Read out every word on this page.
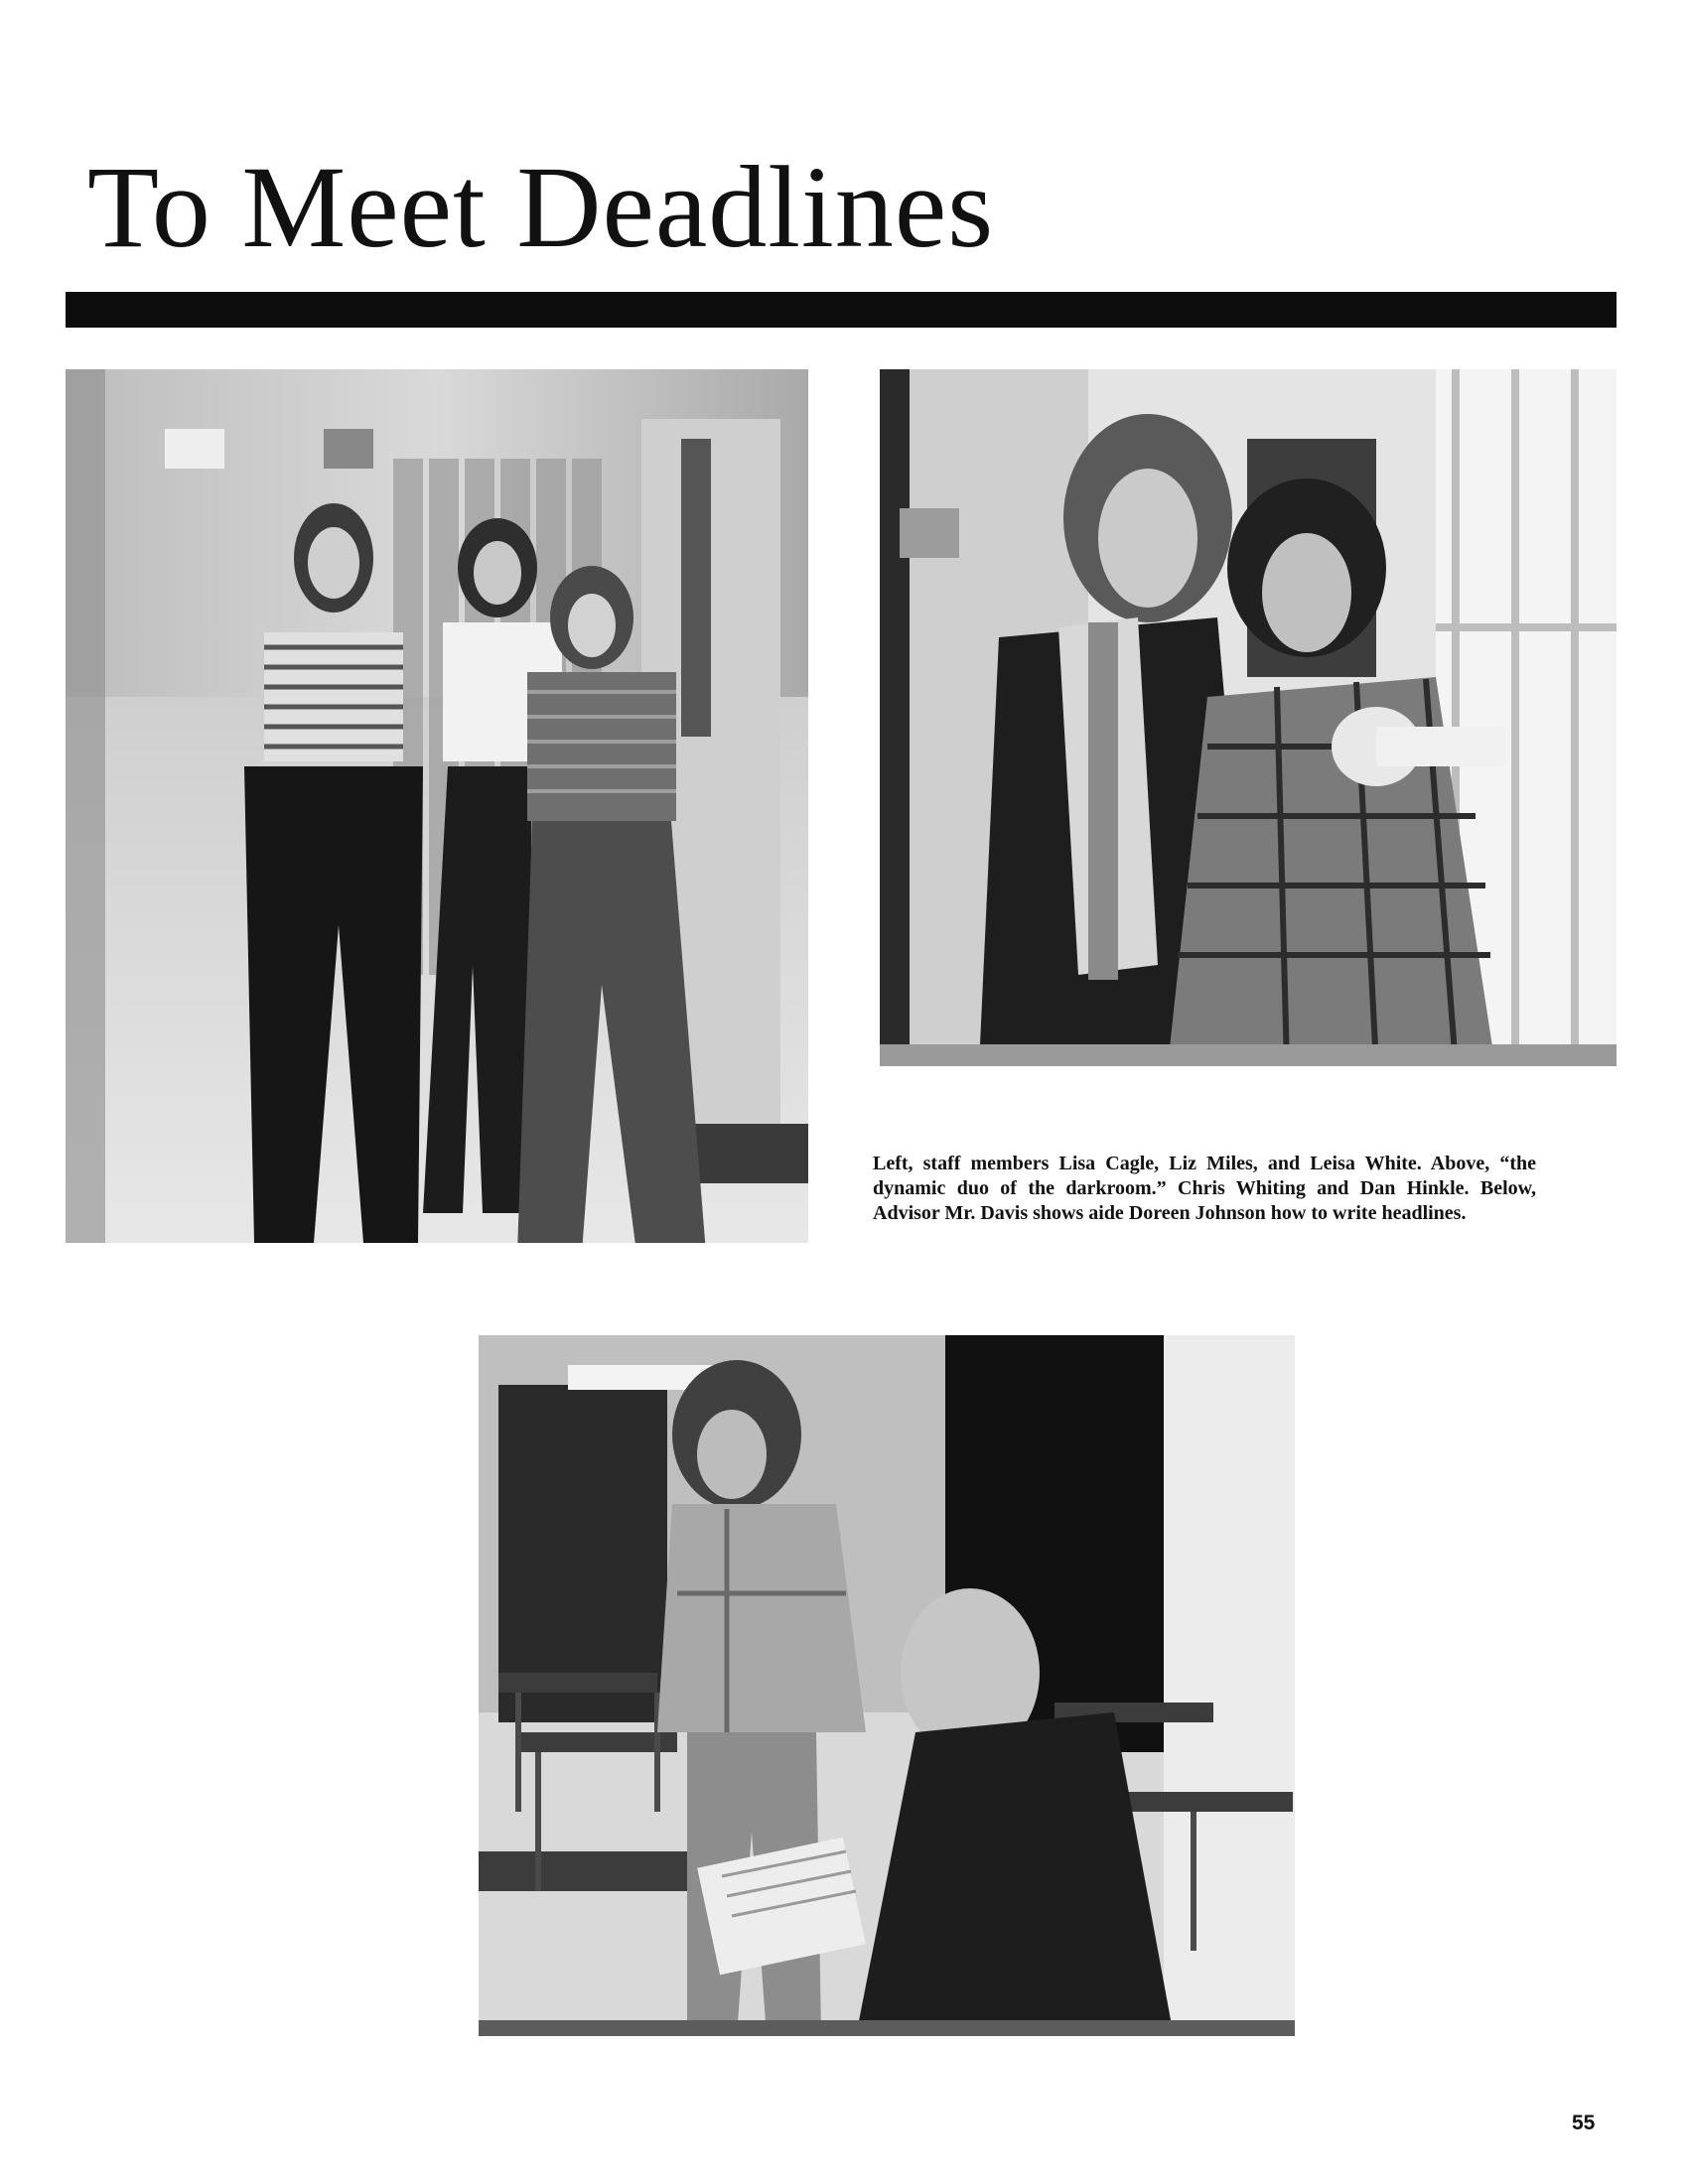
To Meet Deadlines

Left, staff members Lisa Cagle, Liz Miles, and Leisa White. Above, “the dynamic duo of the darkroom.” Chris Whiting and Dan Hinkle. Below, Advisor Mr. Davis shows aide Doreen Johnson how to write headlines.

55
